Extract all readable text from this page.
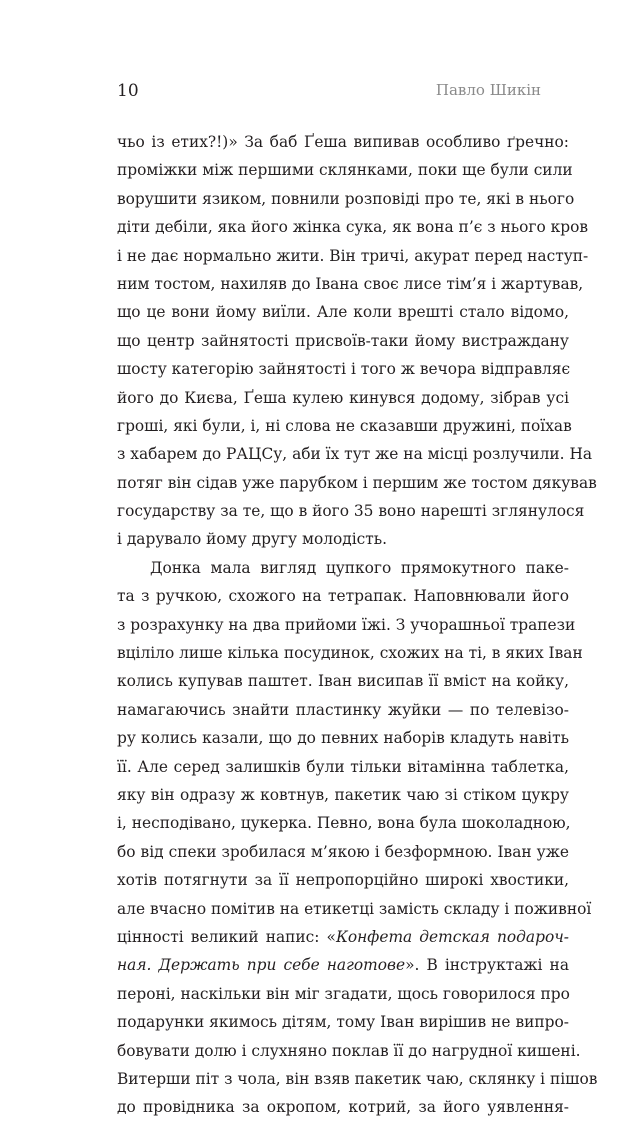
10	Павло Шикін
чьо із етих?!)» За баб Ґеша випивав особливо ґречно:
проміжки між першими склянками, поки ще були сили
ворушити язиком, повнили розповіді про те, які в нього
діти дебіли, яка його жінка сука, як вона п’є з нього кров
і не дає нормально жити. Він тричі, акурат перед наступ-
ним тостом, нахиляв до Івана своє лисе тім’я і жартував,
що це вони йому виїли. Але коли врешті стало відомо,
що центр зайнятості присвоїв-таки йому вистраждану
шосту категорію зайнятості і того ж вечора відправляє
його до Києва, Ґеша кулею кинувся додому, зібрав усі
гроші, які були, і, ні слова не сказавши дружині, поїхав
з хабарем до РАЦСу, аби їх тут же на місці розлучили. На
потяг він сідав уже парубком і першим же тостом дякував
государству за те, що в його 35 воно нарешті зглянулося
і дарувало йому другу молодість.
Донка мала вигляд цупкого прямокутного паке-
та з ручкою, схожого на тетрапак. Наповнювали його
з розрахунку на два прийоми їжі. З учорашньої трапези
вціліло лише кілька посудинок, схожих на ті, в яких Іван
колись купував паштет. Іван висипав її вміст на койку,
намагаючись знайти пластинку жуйки — по телевізо-
ру колись казали, що до певних наборів кладуть навіть
її. Але серед залишків були тільки вітамінна таблетка,
яку він одразу ж ковтнув, пакетик чаю зі стіком цукру
і, несподівано, цукерка. Певно, вона була шоколадною,
бо від спеки зробилася м’якою і безформною. Іван уже
хотів потягнути за її непропорційно широкі хвостики,
але вчасно помітив на етикетці замість складу і поживної
цінності великий напис: «Конфета детская подароч-
ная. Держать при себе наготове». В інструктажі на
пероні, наскільки він міг згадати, щось говорилося про
подарунки якимось дітям, тому Іван вирішив не випро-
бовувати долю і слухняно поклав її до нагрудної кишені.
Витерши піт з чола, він взяв пакетик чаю, склянку і пішов
до провідника за окропом, котрий, за його уявлення-
